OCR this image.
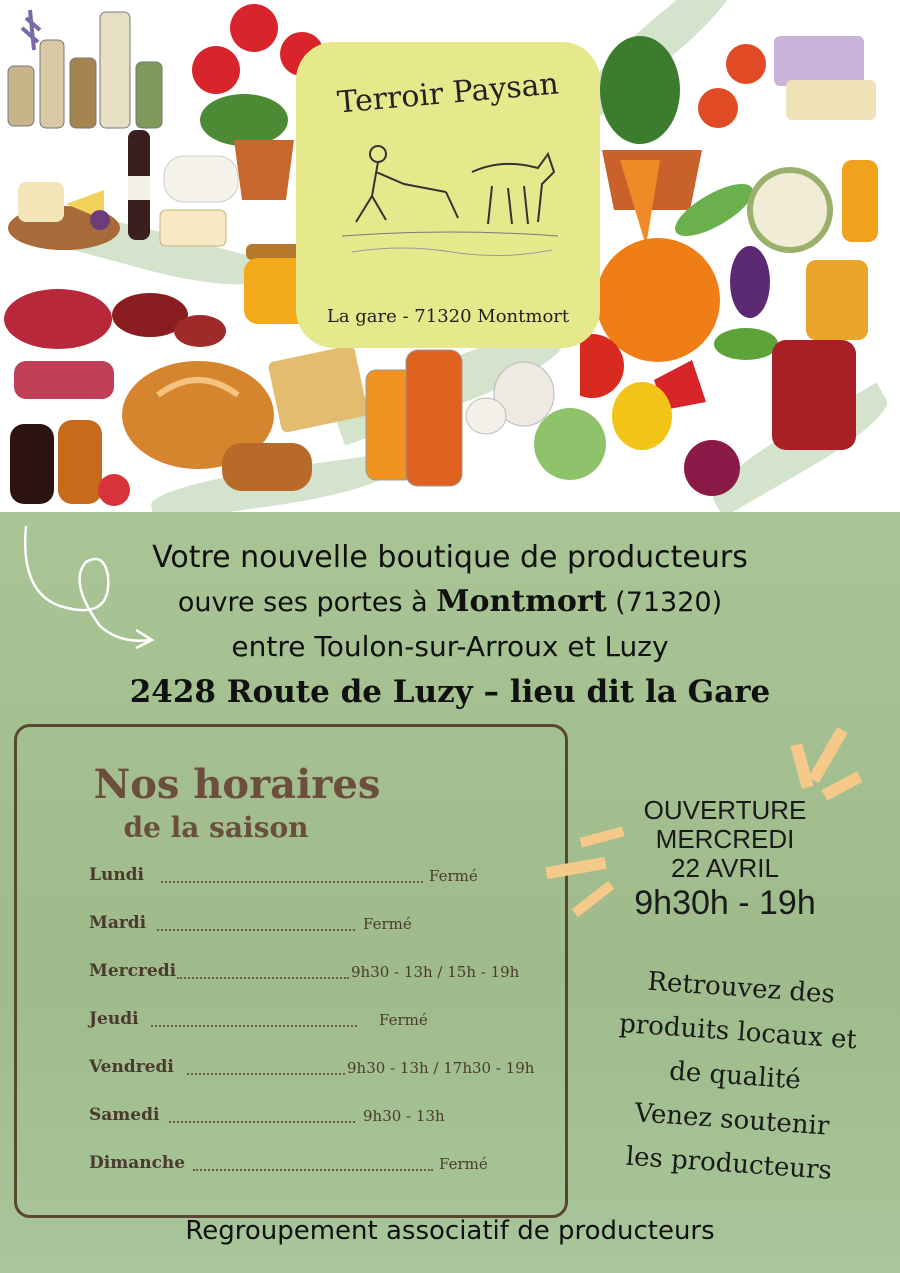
Terroir Paysan
La gare - 71320 Montmort
Votre nouvelle boutique de producteurs
ouvre ses portes à Montmort (71320)
entre Toulon-sur-Arroux et Luzy
2428 Route de Luzy – lieu dit la Gare
Nos horaires
de la saison
Lundi	Fermé
Mardi	Fermé
Mercredi	9h30 - 13h / 15h - 19h
Jeudi	Fermé
Vendredi	9h30 - 13h / 17h30 - 19h
Samedi	9h30 - 13h
Dimanche	Fermé
OUVERTURE
MERCREDI
22 AVRIL
9h30h - 19h
Retrouvez des
produits locaux et
de qualité
Venez soutenir
les producteurs
Regroupement associatif de producteurs
